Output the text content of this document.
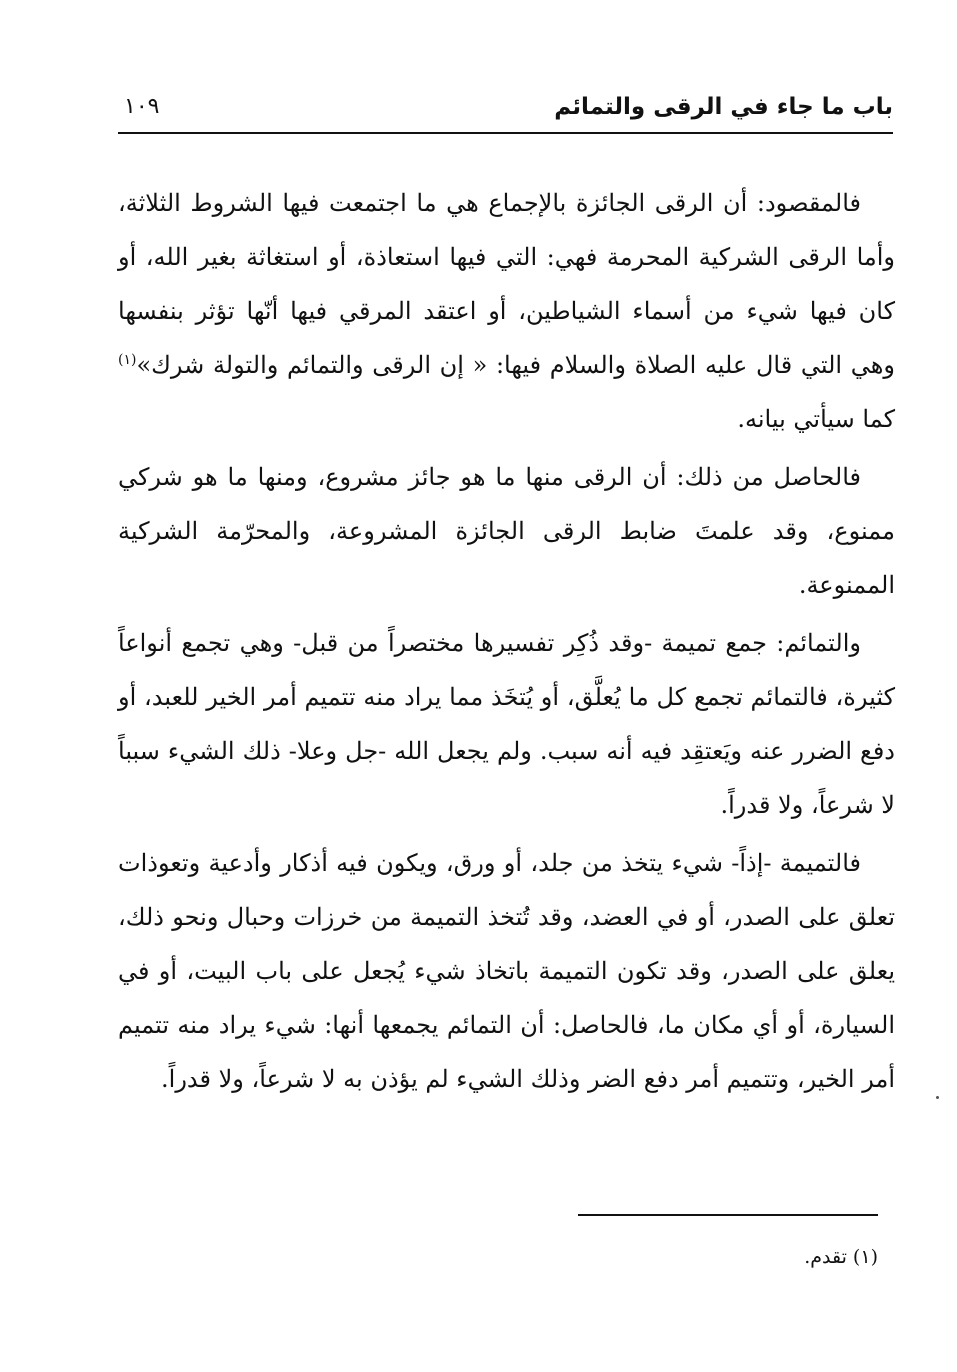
باب ما جاء في الرقى والتمائم
١٠٩

فالمقصود: أن الرقى الجائزة بالإجماع هي ما اجتمعت فيها الشروط الثلاثة، وأما الرقى الشركية المحرمة فهي: التي فيها استعاذة، أو استغاثة بغير الله، أو كان فيها شيء من أسماء الشياطين، أو اعتقد المرقي فيها أنّها تؤثر بنفسها وهي التي قال عليه الصلاة والسلام فيها: « إن الرقى والتمائم والتولة شرك»$^{(١)}$ كما سيأتي بيانه.

فالحاصل من ذلك: أن الرقى منها ما هو جائز مشروع، ومنها ما هو شركي ممنوع، وقد علمتَ ضابط الرقى الجائزة المشروعة، والمحرّمة الشركية الممنوعة.

والتمائم: جمع تميمة -وقد ذُكِر تفسيرها مختصراً من قبل- وهي تجمع أنواعاً كثيرة، فالتمائم تجمع كل ما يُعلَّق، أو يُتخَذ مما يراد منه تتميم أمر الخير للعبد، أو دفع الضرر عنه ويَعتقِد فيه أنه سبب. ولم يجعل الله -جل وعلا- ذلك الشيء سبباً لا شرعاً، ولا قدراً.

فالتميمة -إذاً- شيء يتخذ من جلد، أو ورق، ويكون فيه أذكار وأدعية وتعوذات تعلق على الصدر، أو في العضد، وقد تُتخذ التميمة من خرزات وحبال ونحو ذلك، يعلق على الصدر، وقد تكون التميمة باتخاذ شيء يُجعل على باب البيت، أو في السيارة، أو أي مكان ما، فالحاصل: أن التمائم يجمعها أنها: شيء يراد منه تتميم أمر الخير، وتتميم أمر دفع الضر وذلك الشيء لم يؤذن به لا شرعاً، ولا قدراً.

(١) تقدم.
